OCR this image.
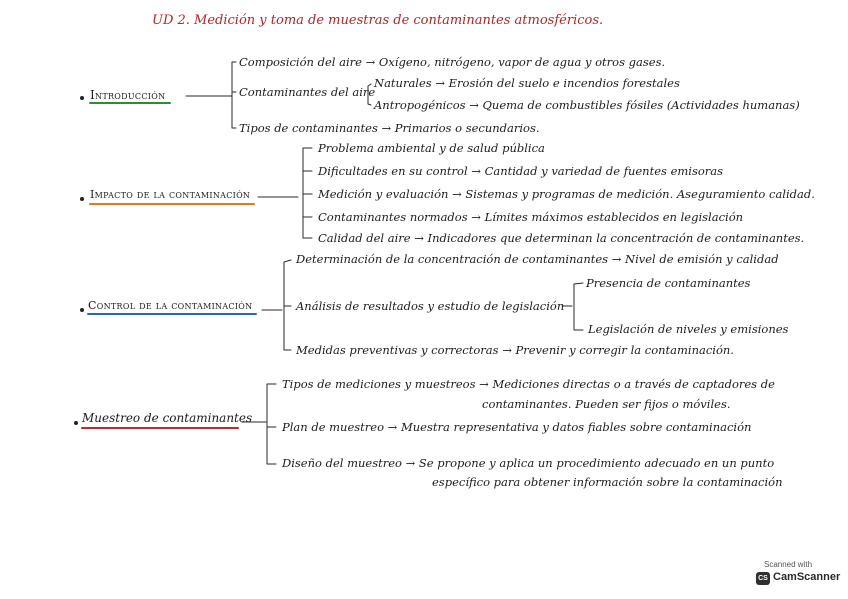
UD 2. Medición y toma de muestras de contaminantes atmosféricos.
Introducción
Composición del aire → Oxígeno, nitrógeno, vapor de agua y otros gases.
Contaminantes del aire
Naturales → Erosión del suelo e incendios forestales
Antropogénicos → Quema de combustibles fósiles (Actividades humanas)
Tipos de contaminantes → Primarios o secundarios.
Impacto de la contaminación
Problema ambiental y de salud pública
Dificultades en su control → Cantidad y variedad de fuentes emisoras
Medición y evaluación → Sistemas y programas de medición. Aseguramiento calidad.
Contaminantes normados → Límites máximos establecidos en legislación
Calidad del aire → Indicadores que determinan la concentración de contaminantes.
Control de la contaminación
Determinación de la concentración de contaminantes → Nivel de emisión y calidad
Análisis de resultados y estudio de legislación
Presencia de contaminantes
Legislación de niveles y emisiones
Medidas preventivas y correctoras → Prevenir y corregir la contaminación.
Muestreo de contaminantes
Tipos de mediciones y muestreos → Mediciones directas o a través de captadores de
contaminantes. Pueden ser fijos o móviles.
Plan de muestreo → Muestra representativa y datos fiables sobre contaminación
Diseño del muestreo → Se propone y aplica un procedimiento adecuado en un punto
específico para obtener información sobre la contaminación
Scanned with
CS CamScanner
